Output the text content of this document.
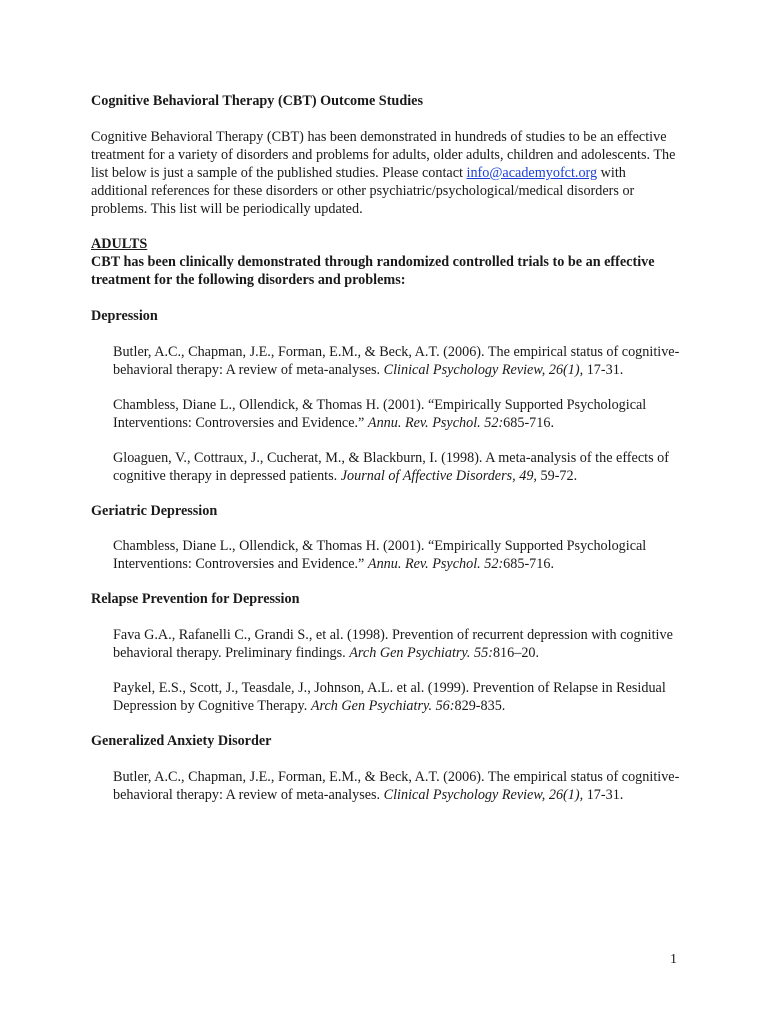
Cognitive Behavioral Therapy (CBT) Outcome Studies

Cognitive Behavioral Therapy (CBT) has been demonstrated in hundreds of studies to be an effective treatment for a variety of disorders and problems for adults, older adults, children and adolescents. The list below is just a sample of the published studies. Please contact info@academyofct.org with additional references for these disorders or other psychiatric/psychological/medical disorders or problems. This list will be periodically updated.

ADULTS

CBT has been clinically demonstrated through randomized controlled trials to be an effective treatment for the following disorders and problems:

Depression

Butler, A.C., Chapman, J.E., Forman, E.M., & Beck, A.T. (2006). The empirical status of cognitive-behavioral therapy: A review of meta-analyses. Clinical Psychology Review, 26(1), 17-31.

Chambless, Diane L., Ollendick, & Thomas H. (2001). “Empirically Supported Psychological Interventions: Controversies and Evidence.” Annu. Rev. Psychol. 52:685-716.

Gloaguen, V., Cottraux, J., Cucherat, M., & Blackburn, I. (1998). A meta-analysis of the effects of cognitive therapy in depressed patients. Journal of Affective Disorders, 49, 59-72.

Geriatric Depression

Chambless, Diane L., Ollendick, & Thomas H. (2001). “Empirically Supported Psychological Interventions: Controversies and Evidence.” Annu. Rev. Psychol. 52:685-716.

Relapse Prevention for Depression

Fava G.A., Rafanelli C., Grandi S., et al. (1998). Prevention of recurrent depression with cognitive behavioral therapy. Preliminary findings. Arch Gen Psychiatry. 55:816–20.

Paykel, E.S., Scott, J., Teasdale, J., Johnson, A.L. et al. (1999). Prevention of Relapse in Residual Depression by Cognitive Therapy. Arch Gen Psychiatry. 56:829-835.

Generalized Anxiety Disorder

Butler, A.C., Chapman, J.E., Forman, E.M., & Beck, A.T. (2006). The empirical status of cognitive-behavioral therapy: A review of meta-analyses. Clinical Psychology Review, 26(1), 17-31.

1
